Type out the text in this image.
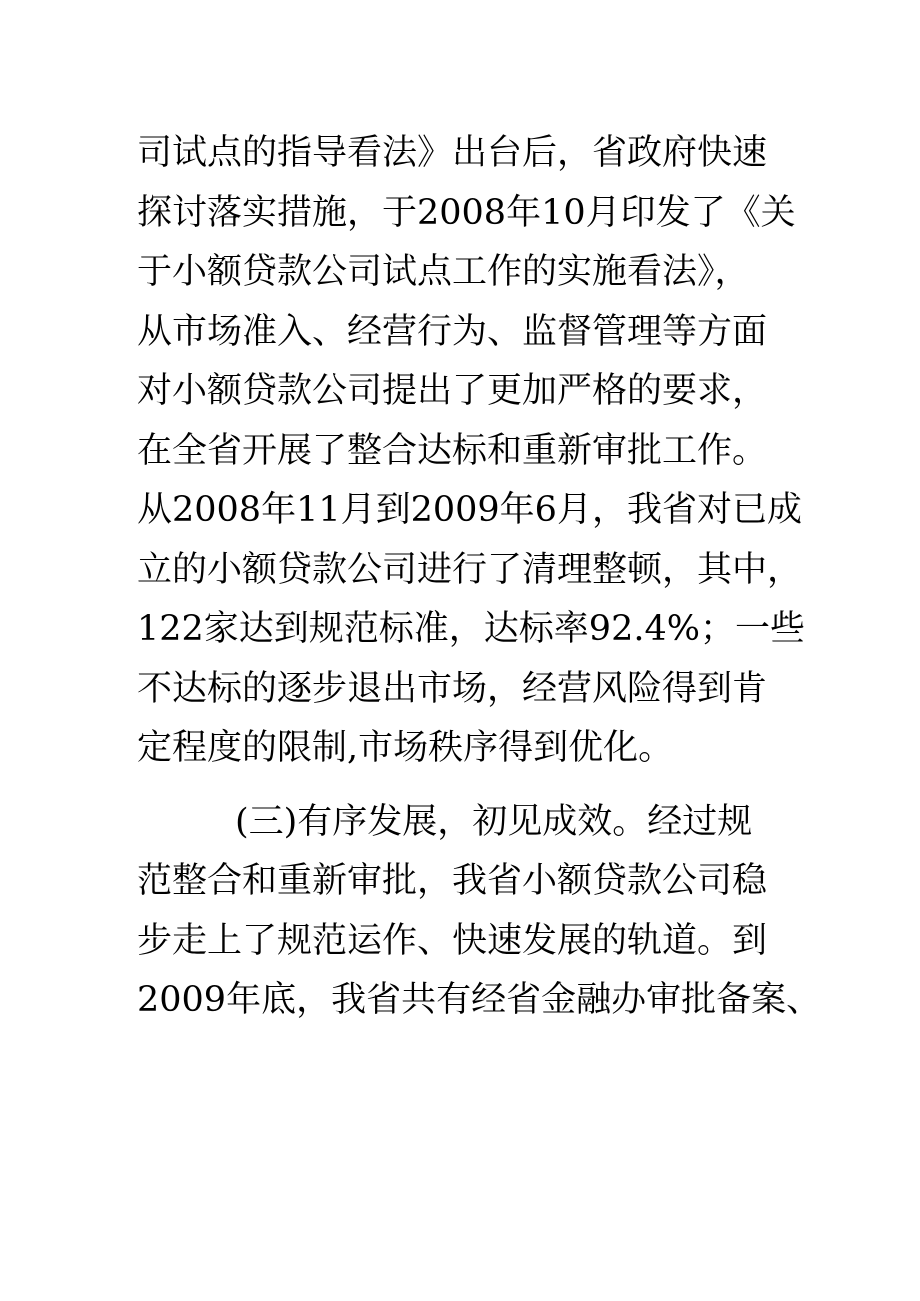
司试点的指导看法》出台后，省政府快速
探讨落实措施，于2008年10月印发了《关
于小额贷款公司试点工作的实施看法》，
从市场准入、经营行为、监督管理等方面
对小额贷款公司提出了更加严格的要求，
在全省开展了整合达标和重新审批工作。
从2008年11月到2009年6月，我省对已成
立的小额贷款公司进行了清理整顿，其中，
122家达到规范标准，达标率92.4%；一些
不达标的逐步退出市场，经营风险得到肯
定程度的限制,市场秩序得到优化。
(三)有序发展，初见成效。经过规
范整合和重新审批，我省小额贷款公司稳
步走上了规范运作、快速发展的轨道。到
2009年底，我省共有经省金融办审批备案、
